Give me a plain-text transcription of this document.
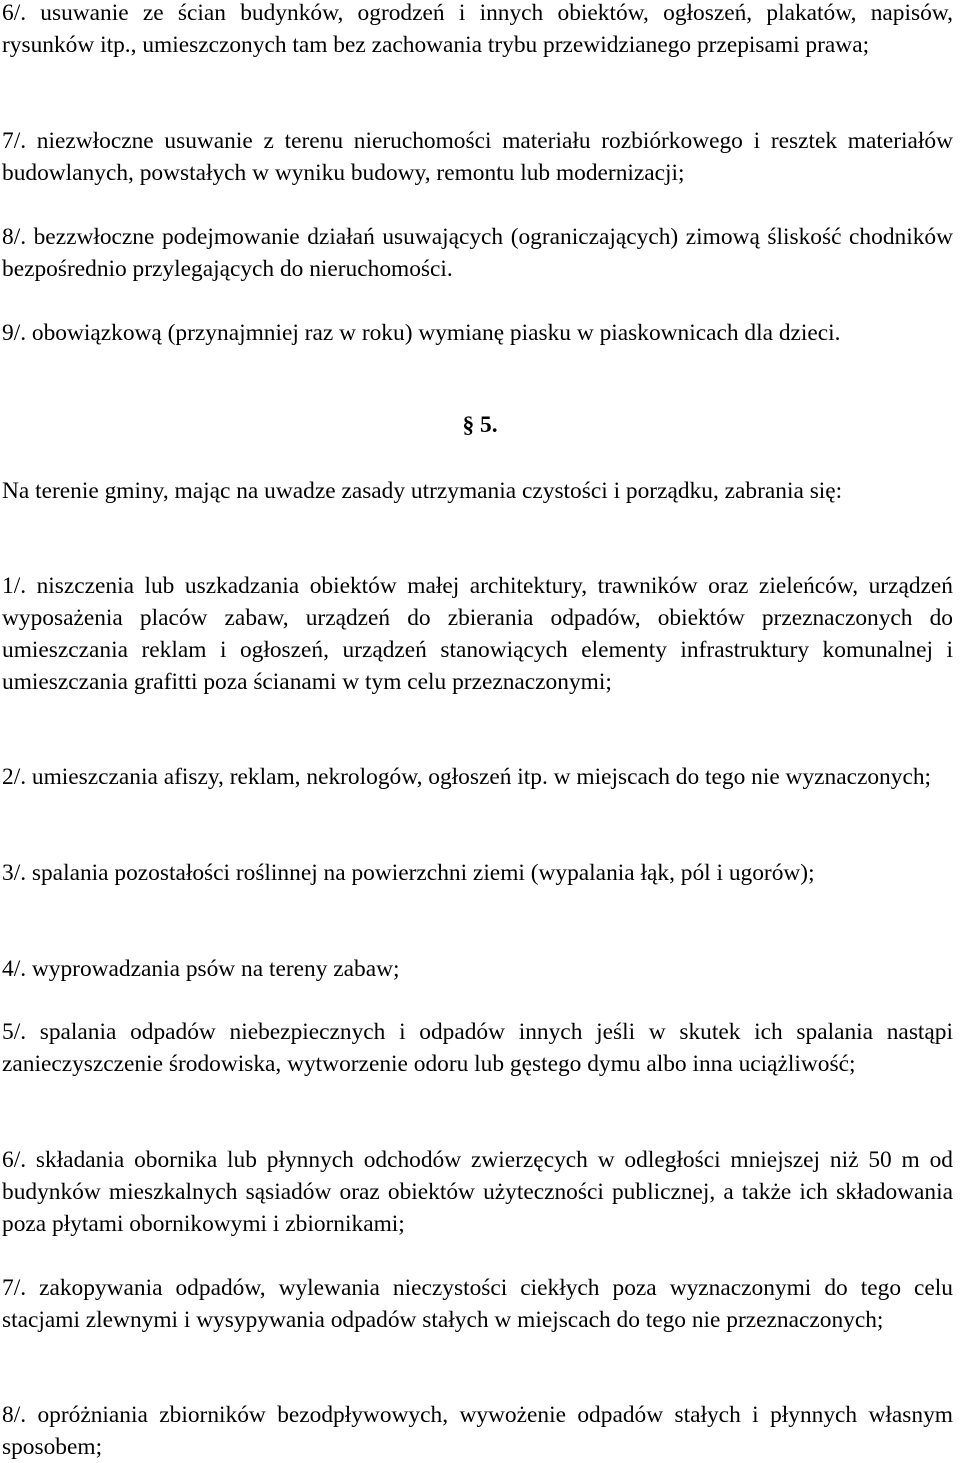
6/. usuwanie ze ścian budynków, ogrodzeń i innych obiektów, ogłoszeń, plakatów, napisów, rysunków itp., umieszczonych tam bez zachowania trybu przewidzianego przepisami prawa;

7/. niezwłoczne usuwanie z terenu nieruchomości materiału rozbiórkowego i resztek materiałów budowlanych, powstałych w wyniku budowy, remontu lub modernizacji;

8/. bezzwłoczne podejmowanie działań usuwających (ograniczających) zimową śliskość chodników bezpośrednio przylegających do nieruchomości.

9/. obowiązkową (przynajmniej raz w roku) wymianę piasku w piaskownicach dla dzieci.

§ 5.

Na terenie gminy, mając na uwadze zasady utrzymania czystości i porządku, zabrania się:

1/. niszczenia lub uszkadzania obiektów małej architektury, trawników oraz zieleńców, urządzeń wyposażenia placów zabaw, urządzeń do zbierania odpadów, obiektów przeznaczonych do umieszczania reklam i ogłoszeń, urządzeń stanowiących elementy infrastruktury komunalnej i umieszczania grafitti poza ścianami w tym celu przeznaczonymi;

2/. umieszczania afiszy, reklam, nekrologów, ogłoszeń itp. w miejscach do tego nie wyznaczonych;

3/. spalania pozostałości roślinnej na powierzchni ziemi (wypalania łąk, pól i ugorów);

4/. wyprowadzania psów na tereny zabaw;

5/. spalania odpadów niebezpiecznych i odpadów innych jeśli w skutek ich spalania nastąpi zanieczyszczenie środowiska, wytworzenie odoru lub gęstego dymu albo inna uciążliwość;

6/. składania obornika lub płynnych odchodów zwierzęcych w odległości mniejszej niż 50 m od budynków mieszkalnych sąsiadów oraz obiektów użyteczności publicznej, a także ich składowania poza płytami obornikowymi i zbiornikami;

7/. zakopywania odpadów, wylewania nieczystości ciekłych poza wyznaczonymi do tego celu stacjami zlewnymi i wysypywania odpadów stałych w miejscach do tego nie przeznaczonych;

8/. opróżniania zbiorników bezodpływowych, wywożenie odpadów stałych i płynnych własnym sposobem;
